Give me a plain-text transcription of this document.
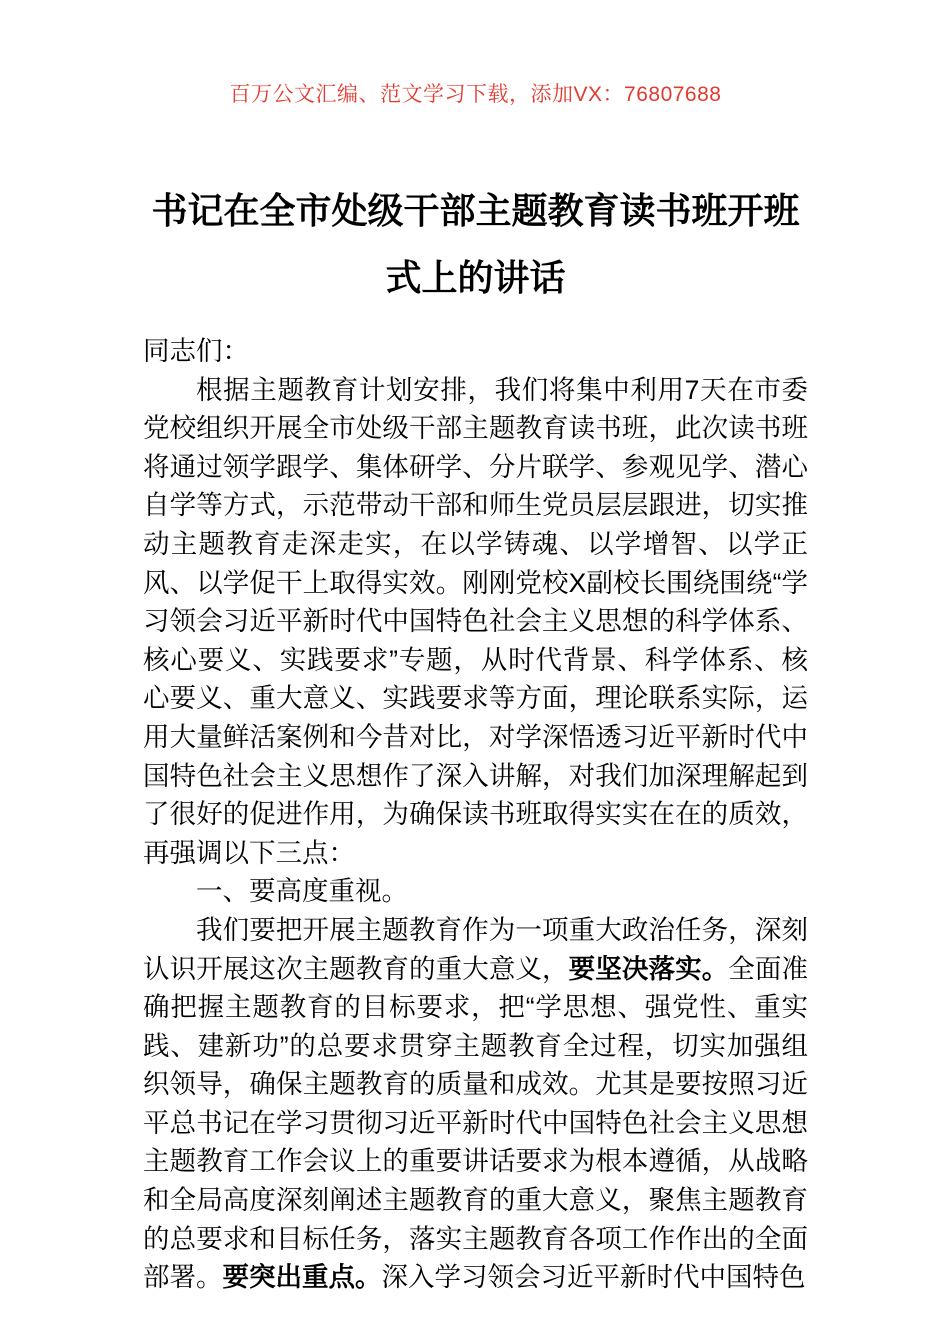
百万公文汇编、范文学习下载，添加VX：76807688
书记在全市处级干部主题教育读书班开班式上的讲话

同志们：

根据主题教育计划安排，我们将集中利用7天在市委党校组织开展全市处级干部主题教育读书班，此次读书班将通过领学跟学、集体研学、分片联学、参观见学、潜心自学等方式，示范带动干部和师生党员层层跟进，切实推动主题教育走深走实，在以学铸魂、以学增智、以学正风、以学促干上取得实效。刚刚党校X副校长围绕围绕“学习领会习近平新时代中国特色社会主义思想的科学体系、核心要义、实践要求”专题，从时代背景、科学体系、核心要义、重大意义、实践要求等方面，理论联系实际，运用大量鲜活案例和今昔对比，对学深悟透习近平新时代中国特色社会主义思想作了深入讲解，对我们加深理解起到了很好的促进作用，为确保读书班取得实实在在的质效，再强调以下三点：

一、要高度重视。

我们要把开展主题教育作为一项重大政治任务，深刻认识开展这次主题教育的重大意义，要坚决落实。全面准确把握主题教育的目标要求，把“学思想、强党性、重实践、建新功”的总要求贯穿主题教育全过程，切实加强组织领导，确保主题教育的质量和成效。尤其是要按照习近平总书记在学习贯彻习近平新时代中国特色社会主义思想主题教育工作会议上的重要讲话要求为根本遵循，从战略和全局高度深刻阐述主题教育的重大意义，聚焦主题教育的总要求和目标任务，落实主题教育各项工作作出的全面部署。要突出重点。深入学习领会习近平新时代中国特色
